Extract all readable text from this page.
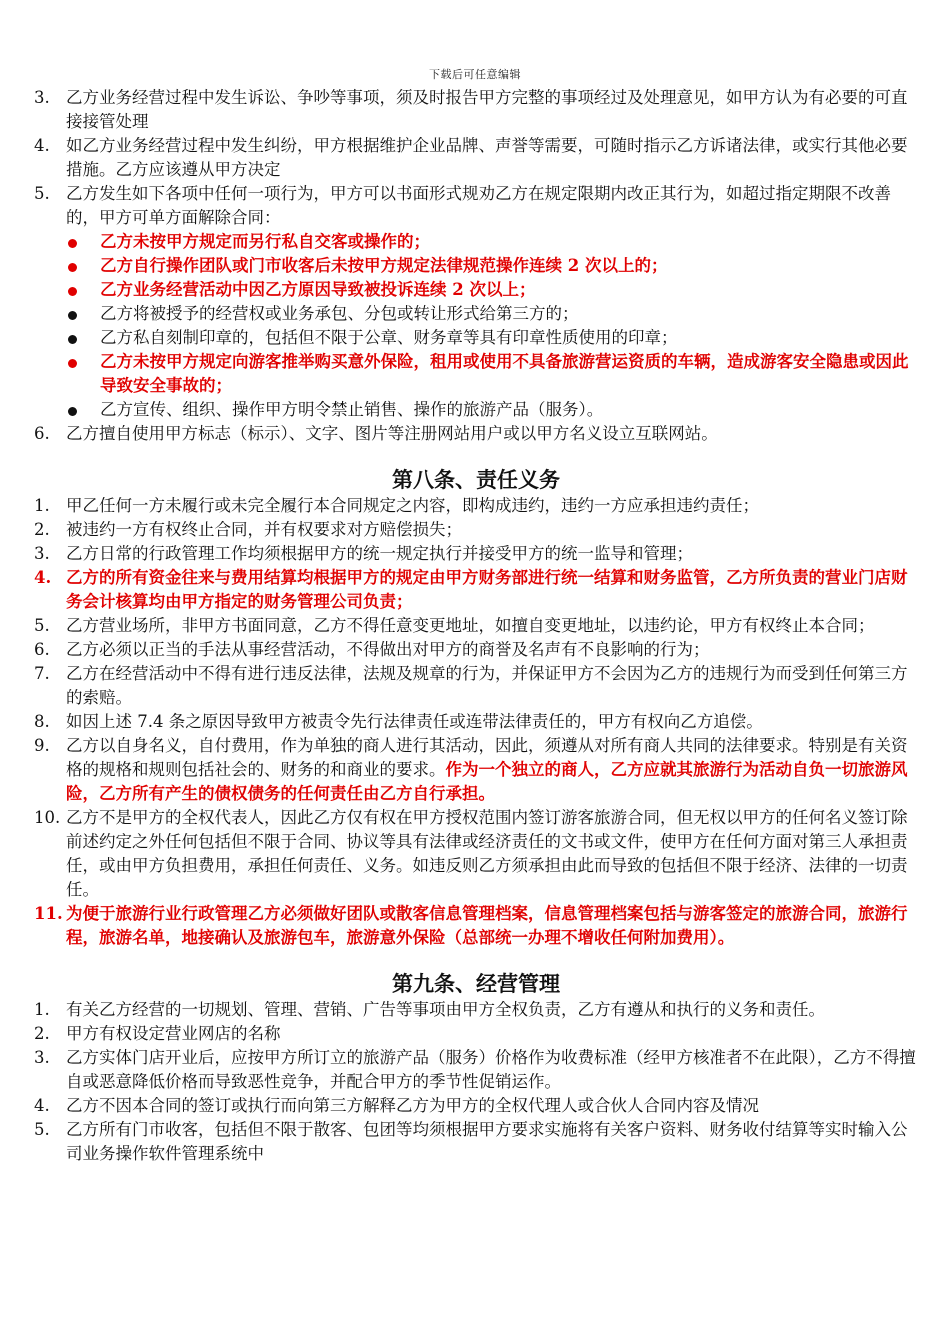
下载后可任意编辑
3. 乙方业务经营过程中发生诉讼、争吵等事项，须及时报告甲方完整的事项经过及处理意见，如甲方认为有必要的可直接接管处理
4. 如乙方业务经营过程中发生纠纷，甲方根据维护企业品牌、声誉等需要，可随时指示乙方诉诸法律，或实行其他必要措施。乙方应该遵从甲方决定
5. 乙方发生如下各项中任何一项行为，甲方可以书面形式规劝乙方在规定限期内改正其行为，如超过指定期限不改善的，甲方可单方面解除合同：
乙方未按甲方规定而另行私自交客或操作的；
乙方自行操作团队或门市收客后未按甲方规定法律规范操作连续 2 次以上的；
乙方业务经营活动中因乙方原因导致被投诉连续 2 次以上；
乙方将被授予的经营权或业务承包、分包或转让形式给第三方的；
乙方私自刻制印章的，包括但不限于公章、财务章等具有印章性质使用的印章；
乙方未按甲方规定向游客推举购买意外保险，租用或使用不具备旅游营运资质的车辆，造成游客安全隐患或因此导致安全事故的；
乙方宣传、组织、操作甲方明令禁止销售、操作的旅游产品（服务）。
6. 乙方擅自使用甲方标志（标示）、文字、图片等注册网站用户或以甲方名义设立互联网站。
第八条、责任义务
1. 甲乙任何一方未履行或未完全履行本合同规定之内容，即构成违约，违约一方应承担违约责任；
2. 被违约一方有权终止合同，并有权要求对方赔偿损失；
3. 乙方日常的行政管理工作均须根据甲方的统一规定执行并接受甲方的统一监导和管理；
4. 乙方的所有资金往来与费用结算均根据甲方的规定由甲方财务部进行统一结算和财务监管，乙方所负责的营业门店财务会计核算均由甲方指定的财务管理公司负责；
5. 乙方营业场所，非甲方书面同意，乙方不得任意变更地址，如擅自变更地址，以违约论，甲方有权终止本合同；
6. 乙方必须以正当的手法从事经营活动，不得做出对甲方的商誉及名声有不良影响的行为；
7. 乙方在经营活动中不得有进行违反法律，法规及规章的行为，并保证甲方不会因为乙方的违规行为而受到任何第三方的索赔。
8. 如因上述 7.4 条之原因导致甲方被责令先行法律责任或连带法律责任的，甲方有权向乙方追偿。
9. 乙方以自身名义，自付费用，作为单独的商人进行其活动，因此，须遵从对所有商人共同的法律要求。特别是有关资格的规格和规则包括社会的、财务的和商业的要求。作为一个独立的商人，乙方应就其旅游行为活动自负一切旅游风险，乙方所有产生的债权债务的任何责任由乙方自行承担。
10. 乙方不是甲方的全权代表人，因此乙方仅有权在甲方授权范围内签订游客旅游合同，但无权以甲方的任何名义签订除前述约定之外任何包括但不限于合同、协议等具有法律或经济责任的文书或文件，使甲方在任何方面对第三人承担责任，或由甲方负担费用，承担任何责任、义务。如违反则乙方须承担由此而导致的包括但不限于经济、法律的一切责任。
11. 为便于旅游行业行政管理乙方必须做好团队或散客信息管理档案，信息管理档案包括与游客签定的旅游合同，旅游行程，旅游名单，地接确认及旅游包车，旅游意外保险（总部统一办理不增收任何附加费用）。
第九条、经营管理
1. 有关乙方经营的一切规划、管理、营销、广告等事项由甲方全权负责，乙方有遵从和执行的义务和责任。
2. 甲方有权设定营业网店的名称
3. 乙方实体门店开业后，应按甲方所订立的旅游产品（服务）价格作为收费标准（经甲方核准者不在此限），乙方不得擅自或恶意降低价格而导致恶性竞争，并配合甲方的季节性促销运作。
4. 乙方不因本合同的签订或执行而向第三方解释乙方为甲方的全权代理人或合伙人合同内容及情况
5. 乙方所有门市收客，包括但不限于散客、包团等均须根据甲方要求实施将有关客户资料、财务收付结算等实时输入公司业务操作软件管理系统中
